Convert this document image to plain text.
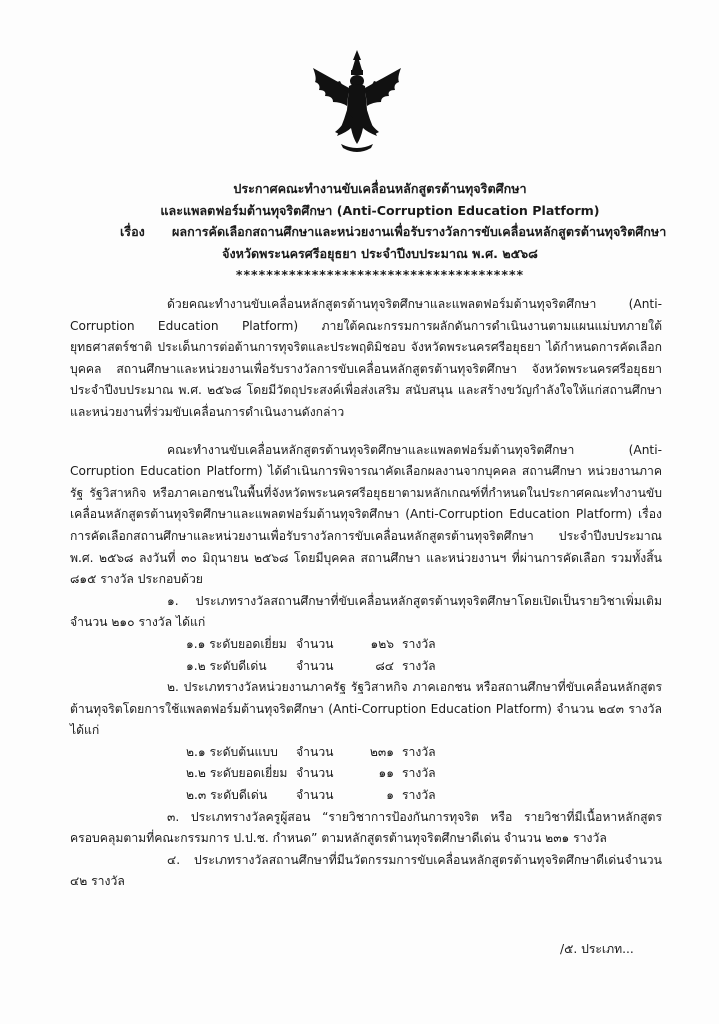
ประกาศคณะทำงานขับเคลื่อนหลักสูตรต้านทุจริตศึกษา
และแพลตฟอร์มต้านทุจริตศึกษา (Anti-Corruption Education Platform)
เรื่อง	ผลการคัดเลือกสถานศึกษาและหน่วยงานเพื่อรับรางวัลการขับเคลื่อนหลักสูตรต้านทุจริตศึกษา
จังหวัดพระนครศรีอยุธยา ประจำปีงบประมาณ พ.ศ. ๒๕๖๘
**************************************

ด้วยคณะทำงานขับเคลื่อนหลักสูตรต้านทุจริตศึกษาและแพลตฟอร์มต้านทุจริตศึกษา (Anti-Corruption Education Platform) ภายใต้คณะกรรมการผลักดันการดำเนินงานตามแผนแม่บทภายใต้ยุทธศาสตร์ชาติ ประเด็นการต่อต้านการทุจริตและประพฤติมิชอบ จังหวัดพระนครศรีอยุธยา ได้กำหนดการคัดเลือกบุคคล สถานศึกษาและหน่วยงานเพื่อรับรางวัลการขับเคลื่อนหลักสูตรต้านทุจริตศึกษา จังหวัดพระนครศรีอยุธยา ประจำปีงบประมาณ พ.ศ. ๒๕๖๘ โดยมีวัตถุประสงค์เพื่อส่งเสริม สนับสนุน และสร้างขวัญกำลังใจให้แก่สถานศึกษาและหน่วยงานที่ร่วมขับเคลื่อนการดำเนินงานดังกล่าว

คณะทำงานขับเคลื่อนหลักสูตรต้านทุจริตศึกษาและแพลตฟอร์มต้านทุจริตศึกษา (Anti-Corruption Education Platform) ได้ดำเนินการพิจารณาคัดเลือกผลงานจากบุคคล สถานศึกษา หน่วยงานภาครัฐ รัฐวิสาหกิจ หรือภาคเอกชนในพื้นที่จังหวัดพระนครศรีอยุธยาตามหลักเกณฑ์ที่กำหนดในประกาศคณะทำงานขับเคลื่อนหลักสูตรต้านทุจริตศึกษาและแพลตฟอร์มต้านทุจริตศึกษา (Anti-Corruption Education Platform) เรื่อง การคัดเลือกสถานศึกษาและหน่วยงานเพื่อรับรางวัลการขับเคลื่อนหลักสูตรต้านทุจริตศึกษา ประจำปีงบประมาณ พ.ศ. ๒๕๖๘ ลงวันที่ ๓๐ มิถุนายน ๒๕๖๘ โดยมีบุคคล สถานศึกษา และหน่วยงานฯ ที่ผ่านการคัดเลือก รวมทั้งสิ้น ๘๑๕ รางวัล ประกอบด้วย

๑. ประเภทรางวัลสถานศึกษาที่ขับเคลื่อนหลักสูตรต้านทุจริตศึกษาโดยเปิดเป็นรายวิชาเพิ่มเติมจำนวน ๒๑๐ รางวัล ได้แก่

๑.๑ ระดับยอดเยี่ยม จำนวน	๑๒๖ รางวัล
๑.๒ ระดับดีเด่น	จำนวน	๘๔ รางวัล

๒. ประเภทรางวัลหน่วยงานภาครัฐ รัฐวิสาหกิจ ภาคเอกชน หรือสถานศึกษาที่ขับเคลื่อนหลักสูตรต้านทุจริตโดยการใช้แพลตฟอร์มต้านทุจริตศึกษา (Anti-Corruption Education Platform) จำนวน ๒๔๓ รางวัล ได้แก่

๒.๑ ระดับต้นแบบ	จำนวน	๒๓๑ รางวัล
๒.๒ ระดับยอดเยี่ยม จำนวน	๑๑ รางวัล
๒.๓ ระดับดีเด่น	จำนวน	๑ รางวัล

๓. ประเภทรางวัลครูผู้สอน “รายวิชาการป้องกันการทุจริต หรือ รายวิชาที่มีเนื้อหาหลักสูตรครอบคลุมตามที่คณะกรรมการ ป.ป.ช. กำหนด” ตามหลักสูตรต้านทุจริตศึกษาดีเด่น จำนวน ๒๓๑ รางวัล

๔. ประเภทรางวัลสถานศึกษาที่มีนวัตกรรมการขับเคลื่อนหลักสูตรต้านทุจริตศึกษาดีเด่นจำนวน ๔๒ รางวัล

/๕. ประเภท...
